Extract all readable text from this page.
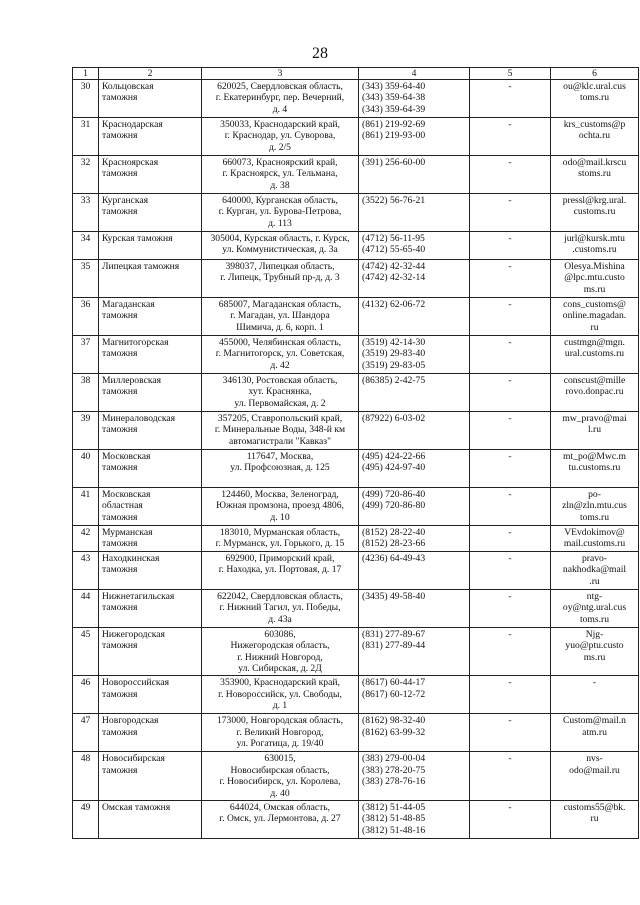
28
1	2	3	4	5	6
30	Кольцовская
таможня	620025, Свердловская область,
г. Екатеринбург, пер. Вечерний,
д. 4	(343) 359-64-40
(343) 359-64-38
(343) 359-64-39	-	ou@klc.ural.cus
toms.ru

31	Краснодарская
таможня	350033, Краснодарский край,
г. Краснодар, ул. Суворова,
д. 2/5	(861) 219-92-69
(861) 219-93-00	-	krs_customs@p
ochta.ru

32	Красноярская
таможня	660073, Красноярский край,
г. Красноярск, ул. Тельмана,
д. 38	(391) 256-60-00	-	odo@mail.krscu
stoms.ru

33	Курганская
таможня	640000, Курганская область,
г. Курган, ул. Бурова-Петрова,
д. 113	(3522) 56-76-21	-	pressl@krg.ural.
customs.ru

34	Курская таможня	305004, Курская область, г. Курск,
ул. Коммунистическая, д. 3а	(4712) 56-11-95
(4712) 55-65-40	-	jurl@kursk.mtu
.customs.ru

35	Липецкая таможня	398037, Липецкая область,
г. Липецк, Трубный пр-д, д. 3	(4742) 42-32-44
(4742) 42-32-14	-	Olesya.Mishina
@lpc.mtu.custo
ms.ru

36	Магаданская
таможня	685007, Магаданская область,
г. Магадан, ул. Шандора
Шимича, д. 6, корп. 1	(4132) 62-06-72	-	cons_customs@
online.magadan.
ru

37	Магнитогорская
таможня	455000, Челябинская область,
г. Магнитогорск, ул. Советская,
д. 42	(3519) 42-14-30
(3519) 29-83-40
(3519) 29-83-05	-	custmgn@mgn.
ural.customs.ru

38	Миллеровская
таможня	346130, Ростовская область,
хут. Краснянка,
ул. Первомайская, д. 2	(86385) 2-42-75	-	conscust@mille
rovo.donpac.ru

39	Минераловодская
таможня	357205, Ставропольский край,
г. Минеральные Воды, 348-й км
автомагистрали "Кавказ"	(87922) 6-03-02	-	mw_pravo@mai
l.ru

40	Московская
таможня	117647, Москва,
ул. Профсоюзная, д. 125	(495) 424-22-66
(495) 424-97-40	-	mt_po@Mwc.m
tu.customs.ru

41	Московская
областная
таможня	124460, Москва, Зеленоград,
Южная промзона, проезд 4806,
д. 10	(499) 720-86-40
(499) 720-86-80	-	po-
zln@zln.mtu.cus
toms.ru

42	Мурманская
таможня	183010, Мурманская область,
г. Мурманск, ул. Горького, д. 15	(8152) 28-22-40
(8152) 28-23-66	-	VEvdokimov@
mail.customs.ru

43	Находкинская
таможня	692900, Приморский край,
г. Находка, ул. Портовая, д. 17	(4236) 64-49-43	-	pravo-
nakhodka@mail
.ru

44	Нижнетагильская
таможня	622042, Свердловская область,
г. Нижний Тагил, ул. Победы,
д. 43а	(3435) 49-58-40	-	ntg-
oy@ntg.ural.cus
toms.ru

45	Нижегородская
таможня	603086,
Нижегородская область,
г. Нижний Новгород,
ул. Сибирская, д. 2Д	(831) 277-89-67
(831) 277-89-44	-	Njg-
yuo@ptu.custo
ms.ru

46	Новороссийская
таможня	353900, Краснодарский край,
г. Новороссийск, ул. Свободы,
д. 1	(8617) 60-44-17
(8617) 60-12-72	-	-

47	Новгородская
таможня	173000, Новгородская область,
г. Великий Новгород,
ул. Рогатица, д. 19/40	(8162) 98-32-40
(8162) 63-99-32	-	Custom@mail.n
atm.ru

48	Новосибирская
таможня	630015,
Новосибирская область,
г. Новосибирск, ул. Королева,
д. 40	(383) 279-00-04
(383) 278-20-75
(383) 278-76-16	-	nvs-
odo@mail.ru

49	Омская таможня	644024, Омская область,
г. Омск, ул. Лермонтова, д. 27	(3812) 51-44-05
(3812) 51-48-85
(3812) 51-48-16	-	customs55@bk.
ru
